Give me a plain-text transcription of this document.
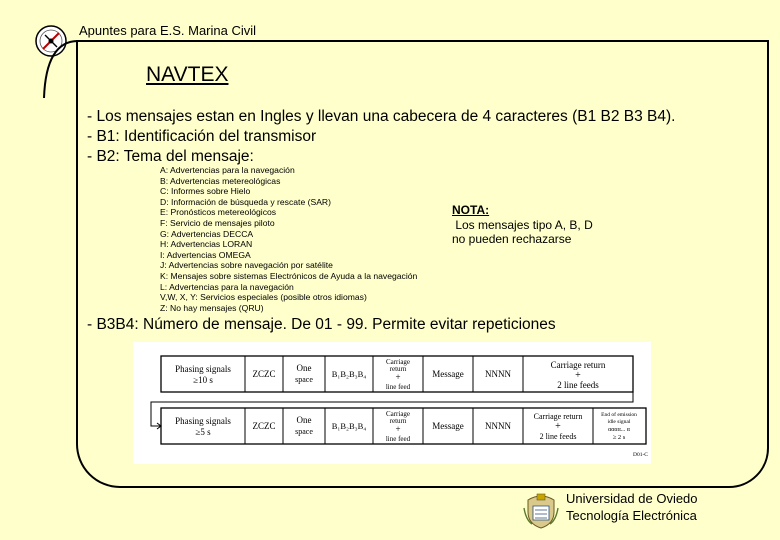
Apuntes para E.S. Marina Civil
NAVTEX
- Los mensajes estan en Ingles y llevan una cabecera de 4 caracteres (B1 B2 B3 B4).
- B1: Identificación del transmisor
- B2: Tema del mensaje:
A: Advertencias para la navegación
B: Advertencias metereológicas
C: Informes sobre Hielo
D: Información de búsqueda y rescate (SAR)
E: Pronósticos metereológicos
F: Servicio de mensajes piloto
G: Advertencias DECCA
H: Advertencias LORAN
I: Advertencias OMEGA
J: Advertencias sobre navegación por satélite
K: Mensajes sobre sistemas Electrónicos de Ayuda a la navegación
L: Advertencias para la navegación
V,W, X, Y: Servicios especiales (posible otros idiomas)
Z: No hay mensajes (QRU)
NOTA:
Los mensajes tipo A, B, D
no pueden rechazarse
- B3B4: Número de mensaje. De 01 - 99. Permite evitar repeticiones
Phasing signals
≥10 s
ZCZC
One
space
B₁B₂B₃B₄
Carriage
return
+
line feed
Message NNNN
Carriage return
+
2 line feeds
Phasing signals
≥5 s
ZCZC
One
space
B₁B₂B₃B₄
Carriage
return
+
line feed
Message NNNN
Carriage return
+
2 line feeds
End of emission
idle signal
αααα... α
≥ 2 s
D01-C
Universidad de Oviedo
Tecnología Electrónica
